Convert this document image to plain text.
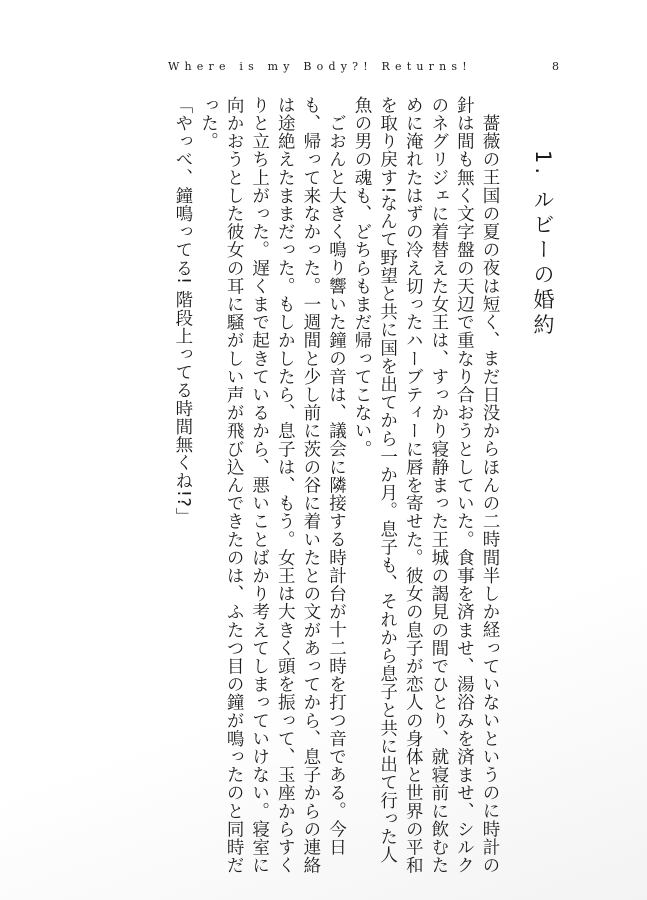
Where is my Body?! Returns!	8
1. ルビーの婚約

薔薇の王国の夏の夜は短く、まだ日没からほんの二時間半しか経っていないというのに時計の針は間も無く文字盤の天辺で重なり合おうとしていた。食事を済ませ、湯浴みを済ませ、シルクのネグリジェに着替えた女王は、すっかり寝静まった王城の謁見の間でひとり、就寝前に飲むために淹れたはずの冷え切ったハーブティーに唇を寄せた。彼女の息子が恋人の身体と世界の平和を取り戻す!なんて野望と共に国を出てから一か月。息子も、それから息子と共に出て行った人魚の男の魂も、どちらもまだ帰ってこない。

ごおんと大きく鳴り響いた鐘の音は、議会に隣接する時計台が十二時を打つ音である。今日も、帰って来なかった。一週間と少し前に茨の谷に着いたとの文があってから、息子からの連絡は途絶えたままだった。もしかしたら、息子は、もう。女王は大きく頭を振って、玉座からすくりと立ち上がった。遅くまで起きているから、悪いことばかり考えてしまっていけない。寝室に向かおうとした彼女の耳に騒がしい声が飛び込んできたのは、ふたつ目の鐘が鳴ったのと同時だった。

「やっべ、鐘鳴ってる! 階段上ってる時間無くね!?」
